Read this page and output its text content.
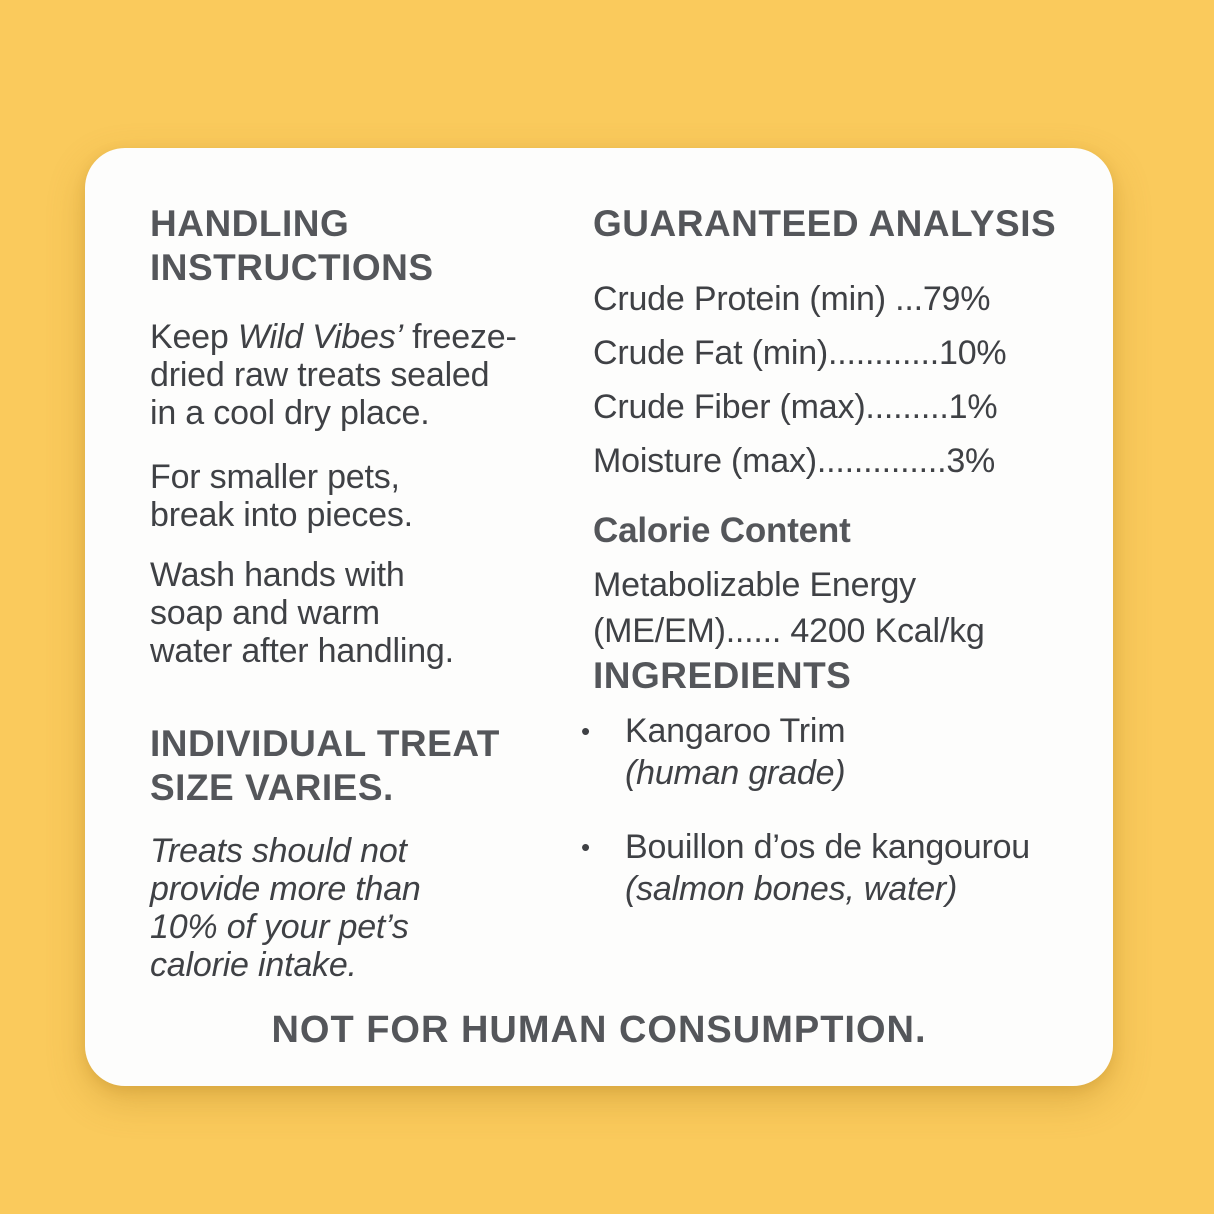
HANDLING
INSTRUCTIONS

Keep Wild Vibes’ freeze-
dried raw treats sealed
in a cool dry place.

For smaller pets,
break into pieces.

Wash hands with
soap and warm
water after handling.

INDIVIDUAL TREAT
SIZE VARIES.

Treats should not
provide more than
10% of your pet’s
calorie intake.

GUARANTEED ANALYSIS
Crude Protein (min) ...79%
Crude Fat (min)............10%
Crude Fiber (max).........1%
Moisture (max)..............3%
Calorie Content
Metabolizable Energy
(ME/EM)...... 4200 Kcal/kg
INGREDIENTS
•	Kangaroo Trim
(human grade)
•	Bouillon d’os de kangourou
(salmon bones, water)
NOT FOR HUMAN CONSUMPTION.
